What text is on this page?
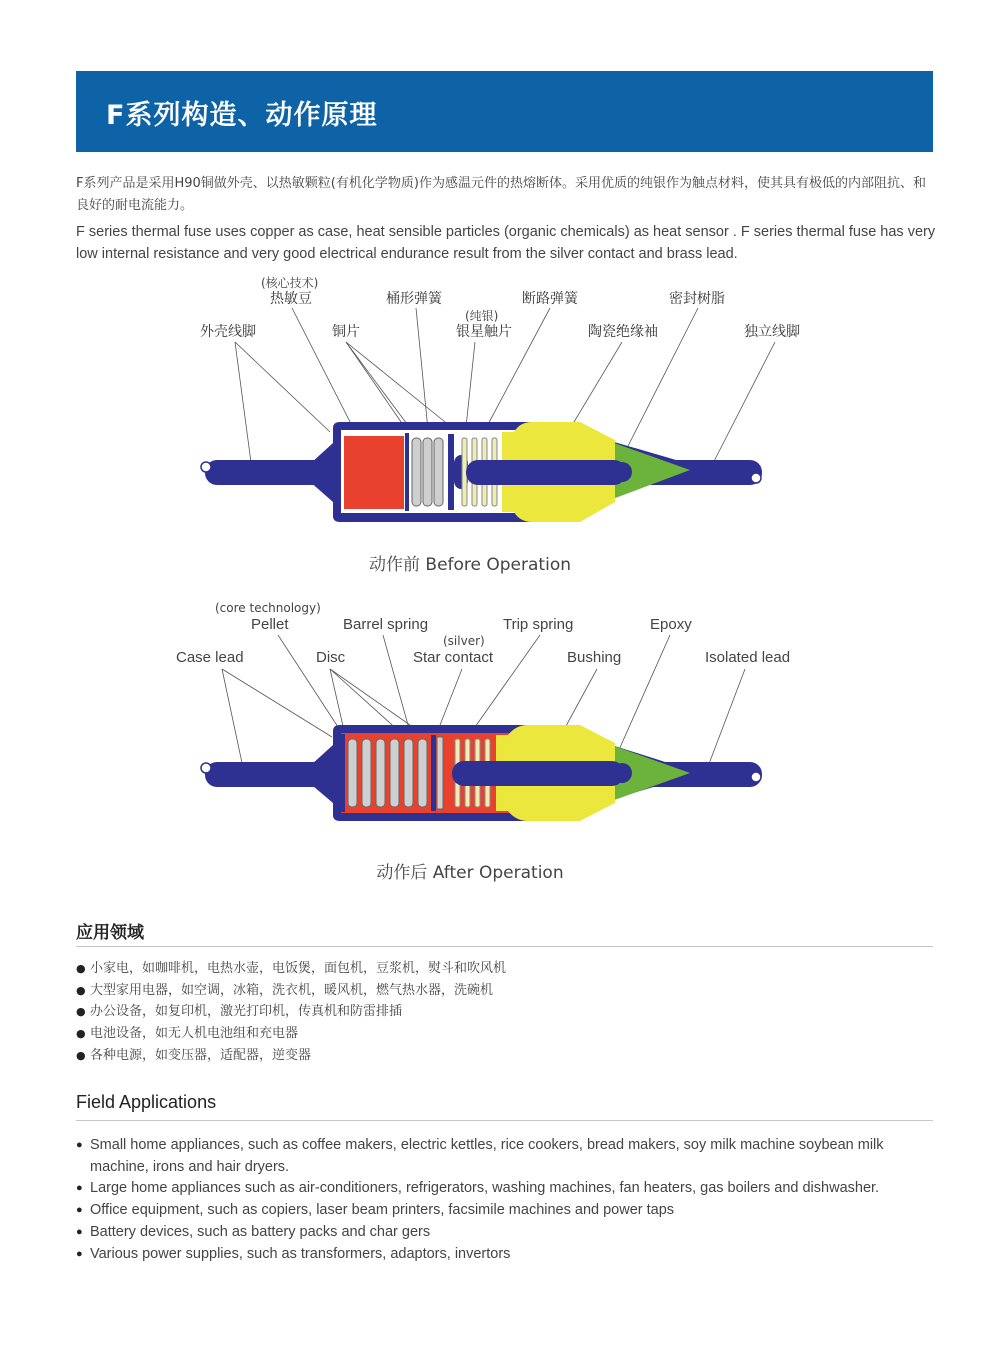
F系列构造、动作原理
F系列产品是采用H90铜做外壳、以热敏颗粒(有机化学物质)作为感温元件的热熔断体。采用优质的纯银作为触点材料，使其具有极低的内部阻抗、和良好的耐电流能力。
F series thermal fuse uses copper as case, heat sensible particles (organic chemicals) as heat sensor . F series thermal fuse has very low internal resistance and very good electrical endurance result from the silver contact and brass lead.
(核心技术)
热敏豆	桶形弹簧	断路弹簧	密封树脂
(纯银)
外壳线脚	铜片	银星触片	陶瓷绝缘袖	独立线脚
动作前 Before Operation
(core technology)
Pellet	Barrel spring	Trip spring	Epoxy
(silver)
Case lead	Disc	Star contact	Bushing	Isolated lead
动作后 After Operation
应用领域
● 小家电，如咖啡机，电热水壶，电饭煲，面包机，豆浆机，熨斗和吹风机
● 大型家用电器，如空调，冰箱，洗衣机，暖风机，燃气热水器，洗碗机
● 办公设备，如复印机，激光打印机，传真机和防雷排插
● 电池设备，如无人机电池组和充电器
● 各种电源，如变压器，适配器，逆变器
Field Applications
● Small home appliances, such as coffee makers, electric kettles, rice cookers, bread makers, soy milk machine soybean milk machine, irons and hair dryers.
● Large home appliances such as air-conditioners, refrigerators, washing machines, fan heaters, gas boilers and dishwasher.
● Office equipment, such as copiers, laser beam printers, facsimile machines and power taps
● Battery devices, such as battery packs and char gers
● Various power supplies, such as transformers, adaptors, invertors
